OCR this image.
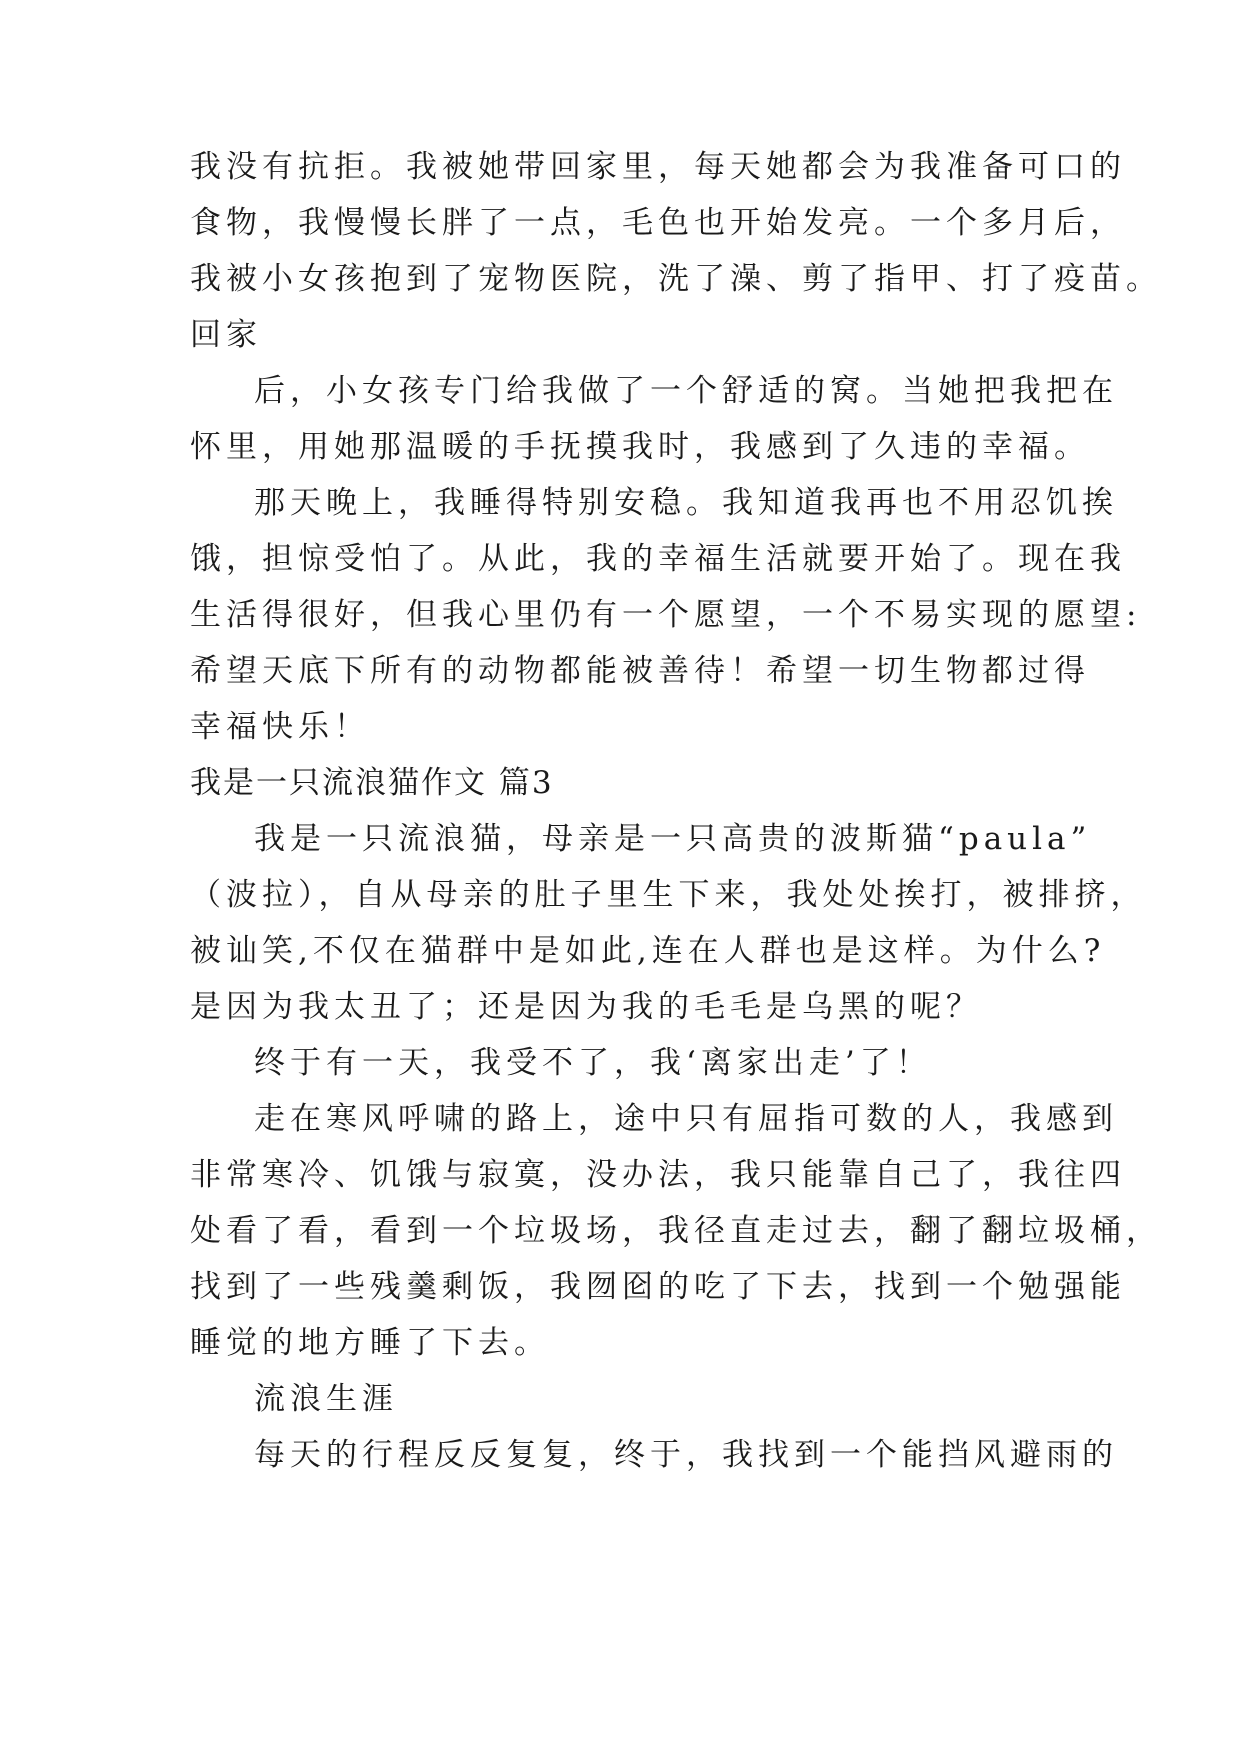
我没有抗拒。我被她带回家里，每天她都会为我准备可口的
食物，我慢慢长胖了一点，毛色也开始发亮。一个多月后，
我被小女孩抱到了宠物医院，洗了澡、剪了指甲、打了疫苗。
回家
后，小女孩专门给我做了一个舒适的窝。当她把我把在
怀里，用她那温暖的手抚摸我时，我感到了久违的幸福。
那天晚上，我睡得特别安稳。我知道我再也不用忍饥挨
饿，担惊受怕了。从此，我的幸福生活就要开始了。现在我
生活得很好，但我心里仍有一个愿望，一个不易实现的愿望:
希望天底下所有的动物都能被善待！希望一切生物都过得
幸福快乐！
我是一只流浪猫作文 篇3
我是一只流浪猫，母亲是一只高贵的波斯猫“paula”
（波拉），自从母亲的肚子里生下来，我处处挨打，被排挤，
被讪笑,不仅在猫群中是如此,连在人群也是这样。为什么?
是因为我太丑了；还是因为我的毛毛是乌黑的呢？
终于有一天，我受不了，我‘离家出走’了！
走在寒风呼啸的路上，途中只有屈指可数的人，我感到
非常寒冷、饥饿与寂寞，没办法，我只能靠自己了，我往四
处看了看，看到一个垃圾场，我径直走过去，翻了翻垃圾桶，
找到了一些残羹剩饭，我囫囵的吃了下去，找到一个勉强能
睡觉的地方睡了下去。
流浪生涯
每天的行程反反复复，终于，我找到一个能挡风避雨的
